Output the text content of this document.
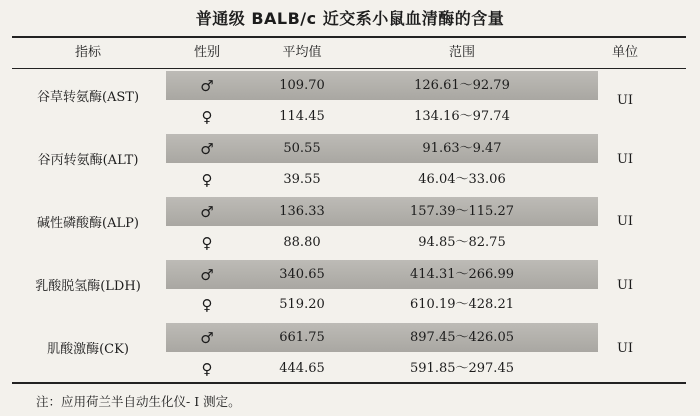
普通级 BALB/c 近交系小鼠血清酶的含量
指标	性别	平均值	范围	单位
谷草转氨酶(AST)	UI
♂	109.70	126.61～92.79
♀	114.45	134.16～97.74
谷丙转氨酶(ALT)	UI
♂	50.55	91.63～9.47
♀	39.55	46.04～33.06
碱性磷酸酶(ALP)	UI
♂	136.33	157.39～115.27
♀	88.80	94.85～82.75
乳酸脱氢酶(LDH)	UI
♂	340.65	414.31～266.99
♀	519.20	610.19～428.21
肌酸激酶(CK)	UI
♂	661.75	897.45～426.05
♀	444.65	591.85～297.45
注：应用荷兰半自动生化仪- I 测定。
